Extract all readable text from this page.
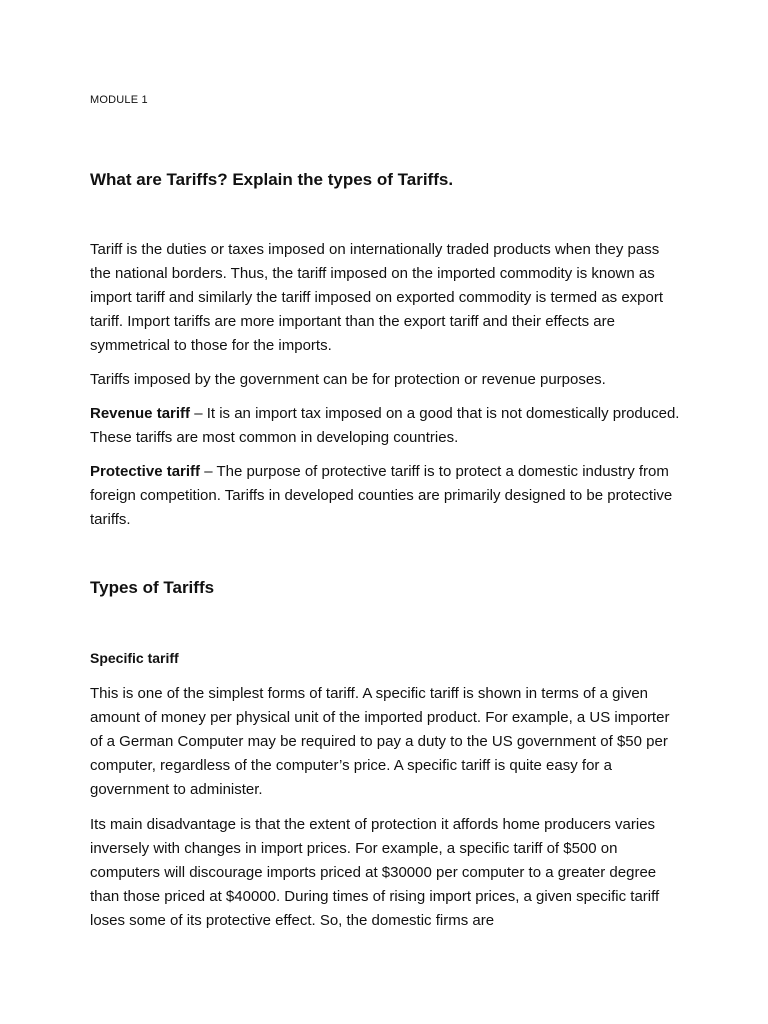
MODULE 1
What are Tariffs? Explain the types of Tariffs.

Tariff is the duties or taxes imposed on internationally traded products when they pass the national borders. Thus, the tariff imposed on the imported commodity is known as import tariff and similarly the tariff imposed on exported commodity is termed as export tariff. Import tariffs are more important than the export tariff and their effects are symmetrical to those for the imports.

Tariffs imposed by the government can be for protection or revenue purposes.

Revenue tariff – It is an import tax imposed on a good that is not domestically produced. These tariffs are most common in developing countries.

Protective tariff – The purpose of protective tariff is to protect a domestic industry from foreign competition. Tariffs in developed counties are primarily designed to be protective tariffs.

Types of Tariffs
Specific tariff

This is one of the simplest forms of tariff. A specific tariff is shown in terms of a given amount of money per physical unit of the imported product. For example, a US importer of a German Computer may be required to pay a duty to the US government of $50 per computer, regardless of the computer’s price. A specific tariff is quite easy for a government to administer.

Its main disadvantage is that the extent of protection it affords home producers varies inversely with changes in import prices. For example, a specific tariff of $500 on computers will discourage imports priced at $30000 per computer to a greater degree than those priced at $40000. During times of rising import prices, a given specific tariff loses some of its protective effect. So, the domestic firms are
